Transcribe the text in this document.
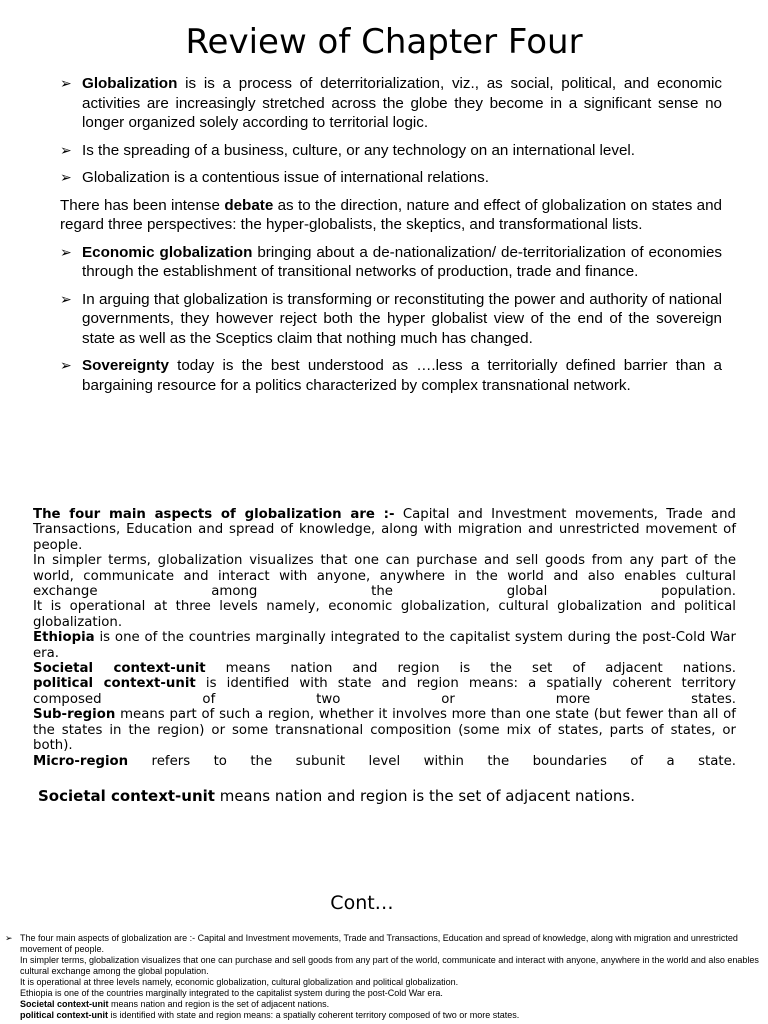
Review of Chapter Four
➢ Globalization is is a process of deterritorialization, viz., as social, political, and economic activities are increasingly stretched across the globe they become in a significant sense no longer organized solely according to territorial logic.
➢ Is the spreading of a business, culture, or any technology on an international level.
➢ Globalization is a contentious issue of international relations.
There has been intense debate as to the direction, nature and effect of globalization on states and regard three perspectives: the hyper-globalists, the skeptics, and transformational lists.
➢ Economic globalization bringing about a de-nationalization/ de-territorialization of economies through the establishment of transitional networks of production, trade and finance.
➢ In arguing that globalization is transforming or reconstituting the power and authority of national governments, they however reject both the hyper globalist view of the end of the sovereign state as well as the Sceptics claim that nothing much has changed.
➢ Sovereignty today is the best understood as ….less a territorially defined barrier than a bargaining resource for a politics characterized by complex transnational network.

The four main aspects of globalization are :- Capital and Investment movements, Trade and Transactions, Education and spread of knowledge, along with migration and unrestricted movement of people.

In simpler terms, globalization visualizes that one can purchase and sell goods from any part of the world, communicate and interact with anyone, anywhere in the world and also enables cultural exchange among the global population.

It is operational at three levels namely, economic globalization, cultural globalization and political globalization.

Ethiopia is one of the countries marginally integrated to the capitalist system during the post-Cold War era.

Societal context-unit means nation and region is the set of adjacent nations.

political context-unit is identified with state and region means: a spatially coherent territory composed of two or more states.

Sub-region means part of such a region, whether it involves more than one state (but fewer than all of the states in the region) or some transnational composition (some mix of states, parts of states, or both).

Micro-region refers to the subunit level within the boundaries of a state.

Societal context-unit means nation and region is the set of adjacent nations.
Cont…
➢ The four main aspects of globalization are :- Capital and Investment movements, Trade and Transactions, Education and spread of knowledge, along with migration and unrestricted movement of people.

In simpler terms, globalization visualizes that one can purchase and sell goods from any part of the world, communicate and interact with anyone, anywhere in the world and also enables cultural exchange among the global population.

It is operational at three levels namely, economic globalization, cultural globalization and political globalization.

Ethiopia is one of the countries marginally integrated to the capitalist system during the post-Cold War era.

Societal context-unit means nation and region is the set of adjacent nations.

political context-unit is identified with state and region means: a spatially coherent territory composed of two or more states.
